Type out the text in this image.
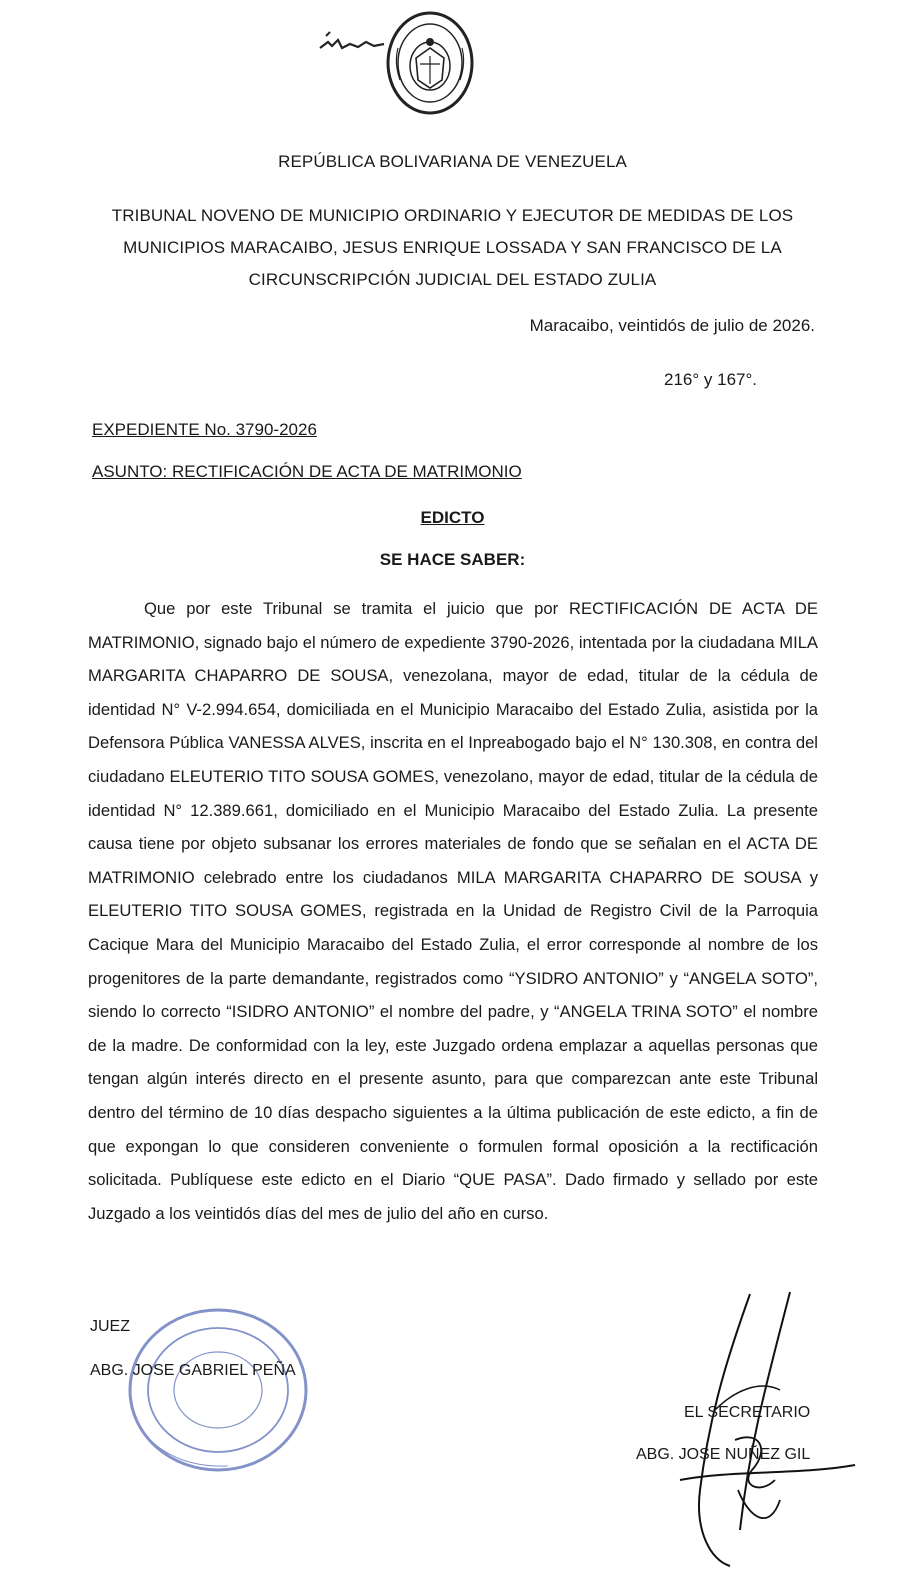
REPÚBLICA BOLIVARIANA DE VENEZUELA
TRIBUNAL NOVENO DE MUNICIPIO ORDINARIO Y EJECUTOR DE MEDIDAS DE LOS MUNICIPIOS MARACAIBO, JESUS ENRIQUE LOSSADA Y SAN FRANCISCO DE LA CIRCUNSCRIPCIÓN JUDICIAL DEL ESTADO ZULIA
Maracaibo, veintidós de julio de 2026.
216° y 167°.
EXPEDIENTE No. 3790-2026
ASUNTO: RECTIFICACIÓN DE ACTA DE MATRIMONIO
EDICTO
SE HACE SABER:

Que por este Tribunal se tramita el juicio que por RECTIFICACIÓN DE ACTA DE MATRIMONIO, signado bajo el número de expediente 3790-2026, intentada por la ciudadana MILA MARGARITA CHAPARRO DE SOUSA, venezolana, mayor de edad, titular de la cédula de identidad N° V-2.994.654, domiciliada en el Municipio Maracaibo del Estado Zulia, asistida por la Defensora Pública VANESSA ALVES, inscrita en el Inpreabogado bajo el N° 130.308, en contra del ciudadano ELEUTERIO TITO SOUSA GOMES, venezolano, mayor de edad, titular de la cédula de identidad N° 12.389.661, domiciliado en el Municipio Maracaibo del Estado Zulia. La presente causa tiene por objeto subsanar los errores materiales de fondo que se señalan en el ACTA DE MATRIMONIO celebrado entre los ciudadanos MILA MARGARITA CHAPARRO DE SOUSA y ELEUTERIO TITO SOUSA GOMES, registrada en la Unidad de Registro Civil de la Parroquia Cacique Mara del Municipio Maracaibo del Estado Zulia, el error corresponde al nombre de los progenitores de la parte demandante, registrados como “YSIDRO ANTONIO” y “ANGELA SOTO”, siendo lo correcto “ISIDRO ANTONIO” el nombre del padre, y “ANGELA TRINA SOTO” el nombre de la madre. De conformidad con la ley, este Juzgado ordena emplazar a aquellas personas que tengan algún interés directo en el presente asunto, para que comparezcan ante este Tribunal dentro del término de 10 días despacho siguientes a la última publicación de este edicto, a fin de que expongan lo que consideren conveniente o formulen formal oposición a la rectificación solicitada. Publíquese este edicto en el Diario “QUE PASA”. Dado firmado y sellado por este Juzgado a los veintidós días del mes de julio del año en curso.

JUEZ
ABG. JOSE GABRIEL PEÑA
EL SECRETARIO
ABG. JOSE NUÑEZ GIL
